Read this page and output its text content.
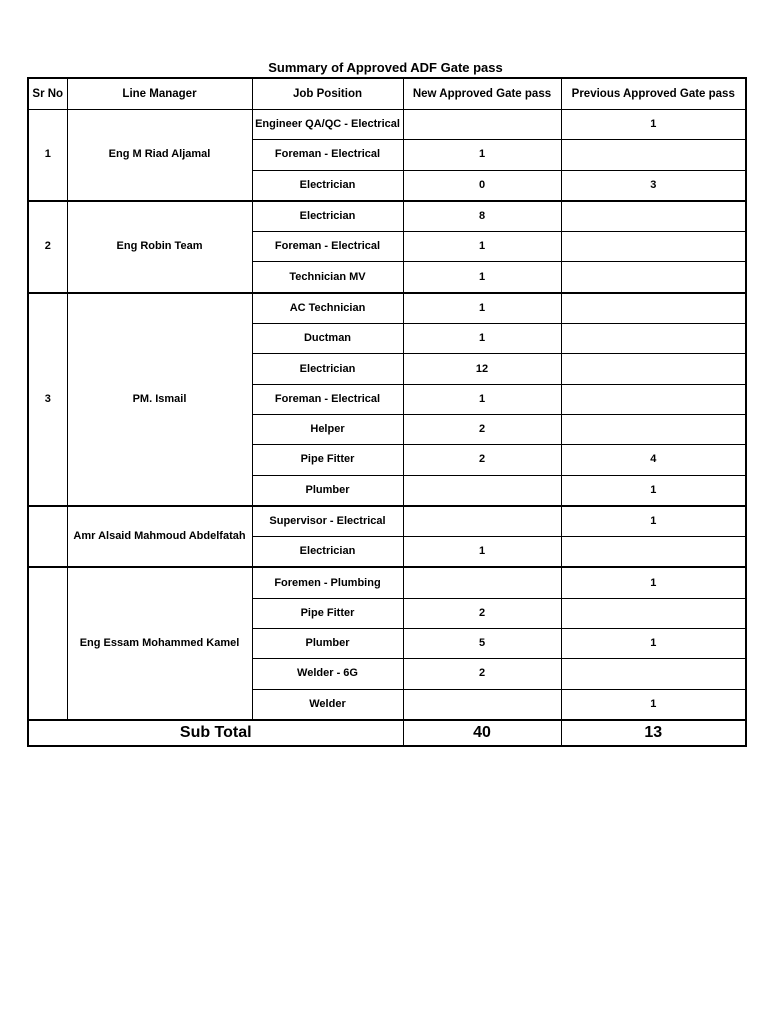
Summary of Approved ADF Gate pass
Sr No	Line Manager	Job Position	New Approved Gate pass	Previous Approved Gate pass
1	Eng M Riad Aljamal	Engineer QA/QC - Electrical		1
		Foreman - Electrical	1	
		Electrician	0	3
2	Eng Robin Team	Electrician	8	
		Foreman - Electrical	1	
		Technician MV	1	
3	PM. Ismail	AC Technician	1	
		Ductman	1	
		Electrician	12	
		Foreman - Electrical	1	
		Helper	2	
		Pipe Fitter	2	4
		Plumber		1
	Amr Alsaid Mahmoud Abdelfatah	Supervisor - Electrical		1
		Electrician	1	
	Eng Essam Mohammed Kamel	Foremen - Plumbing		1
		Pipe Fitter	2	
		Plumber	5	1
		Welder - 6G	2	
		Welder		1
Sub Total			40	13
